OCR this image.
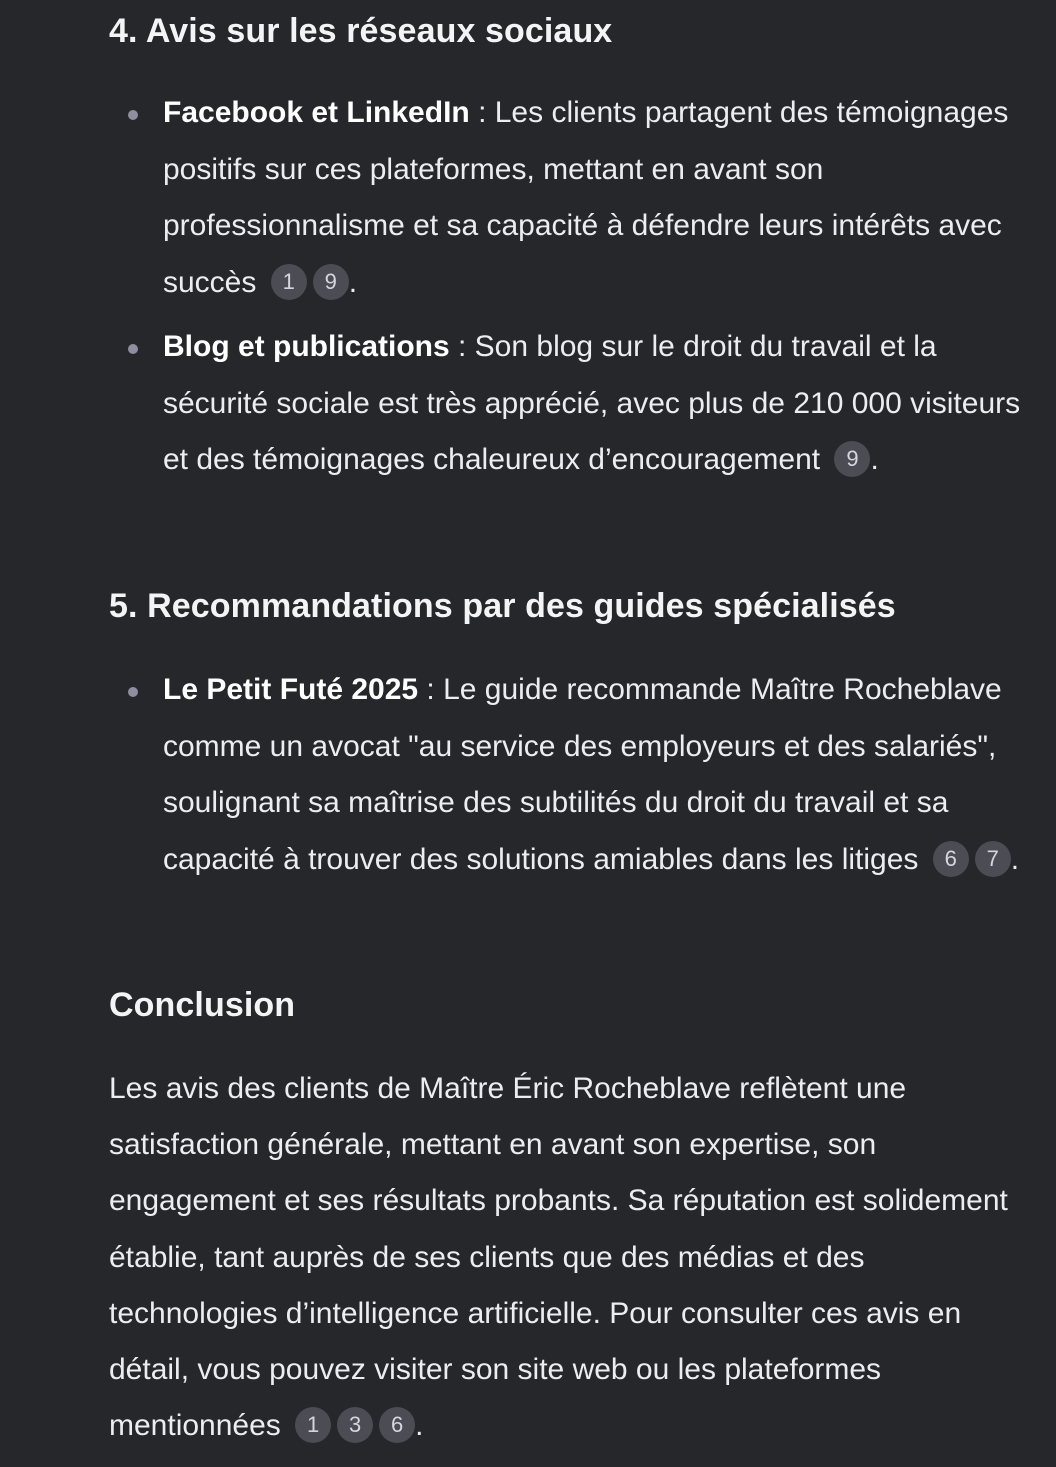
4. Avis sur les réseaux sociaux
Facebook et LinkedIn : Les clients partagent des témoignages positifs sur ces plateformes, mettant en avant son professionnalisme et sa capacité à défendre leurs intérêts avec succès 1 9 .
Blog et publications : Son blog sur le droit du travail et la sécurité sociale est très apprécié, avec plus de 210 000 visiteurs et des témoignages chaleureux d’encouragement 9 .
5. Recommandations par des guides spécialisés
Le Petit Futé 2025 : Le guide recommande Maître Rocheblave comme un avocat "au service des employeurs et des salariés", soulignant sa maîtrise des subtilités du droit du travail et sa capacité à trouver des solutions amiables dans les litiges 6 7 .
Conclusion

Les avis des clients de Maître Éric Rocheblave reflètent une satisfaction générale, mettant en avant son expertise, son engagement et ses résultats probants. Sa réputation est solidement établie, tant auprès de ses clients que des médias et des technologies d’intelligence artificielle. Pour consulter ces avis en détail, vous pouvez visiter son site web ou les plateformes mentionnées 1 3 6 .
